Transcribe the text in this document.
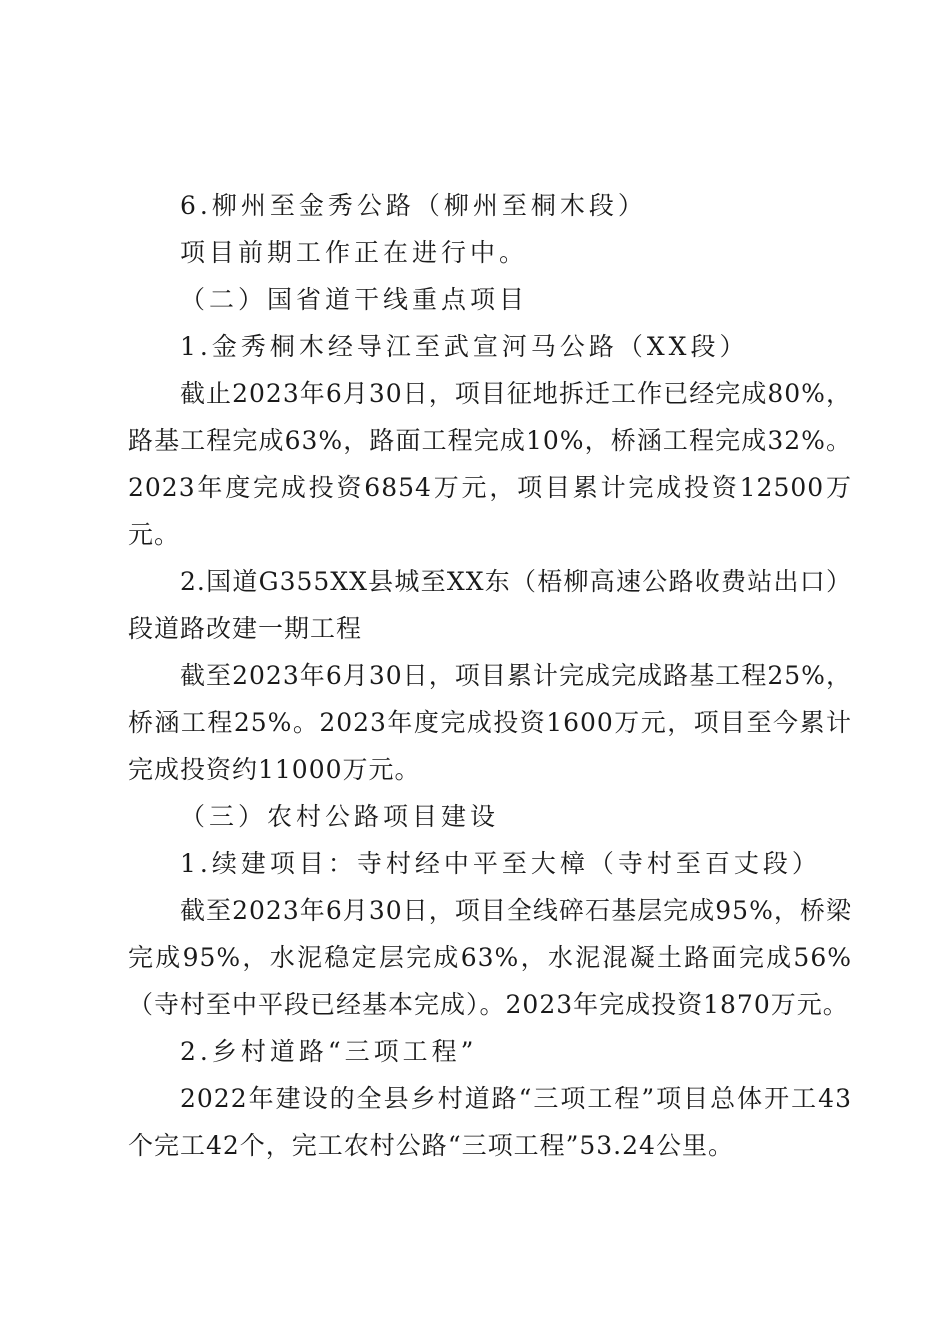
6.柳州至金秀公路（柳州至桐木段）

项目前期工作正在进行中。

（二）国省道干线重点项目

1.金秀桐木经导江至武宣河马公路（XX段）

截止2023年6月30日，项目征地拆迁工作已经完成80%，路基工程完成63%，路面工程完成10%，桥涵工程完成32%。2023年度完成投资6854万元，项目累计完成投资12500万元。

2.国道G355XX县城至XX东（梧柳高速公路收费站出口）段道路改建一期工程

截至2023年6月30日，项目累计完成完成路基工程25%，桥涵工程25%。2023年度完成投资1600万元，项目至今累计完成投资约11000万元。

（三）农村公路项目建设

1.续建项目：寺村经中平至大樟（寺村至百丈段）

截至2023年6月30日，项目全线碎石基层完成95%，桥梁完成95%，水泥稳定层完成63%，水泥混凝土路面完成56%（寺村至中平段已经基本完成）。2023年完成投资1870万元。

2.乡村道路“三项工程”

2022年建设的全县乡村道路“三项工程”项目总体开工43个完工42个，完工农村公路“三项工程”53.24公里。
